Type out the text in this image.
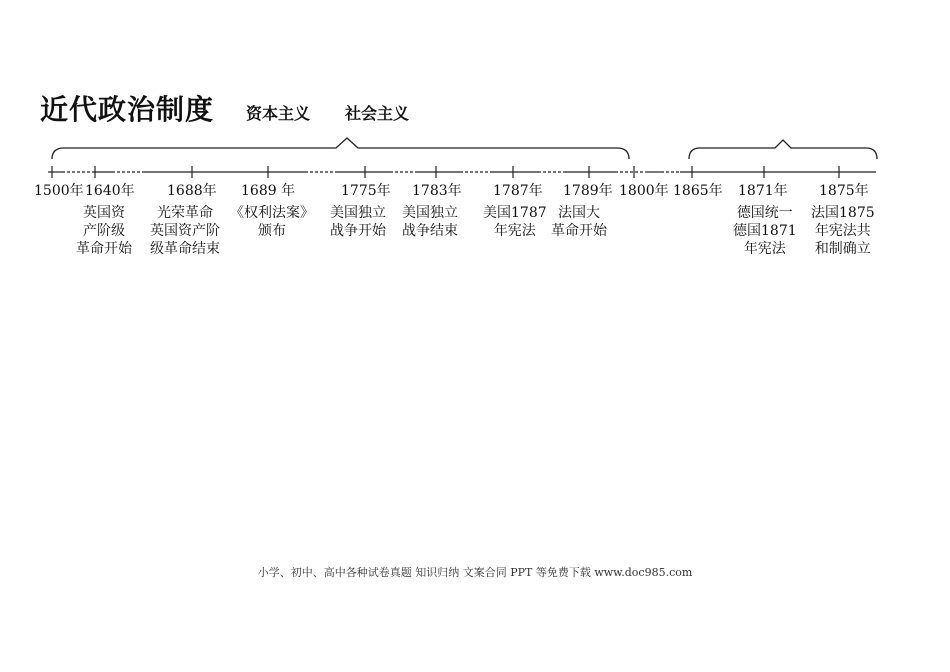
近代政治制度 资本主义 社会主义
1500年 1640年 1688年 1689 年	1775年 1783年 1787年 1789年 1800年 1865年 1871年 1875年
英国资
产阶级
革命开始
光荣革命
英国资产阶
级革命结束
《权利法案》
颁布
美国独立
战争开始
美国独立
战争结束
美国1787
年宪法
法国大
革命开始
德国统一
德国1871
年宪法
法国1875
年宪法共
和制确立
小学、初中、高中各种试卷真题 知识归纳 文案合同 PPT 等免费下载 www.doc985.com
